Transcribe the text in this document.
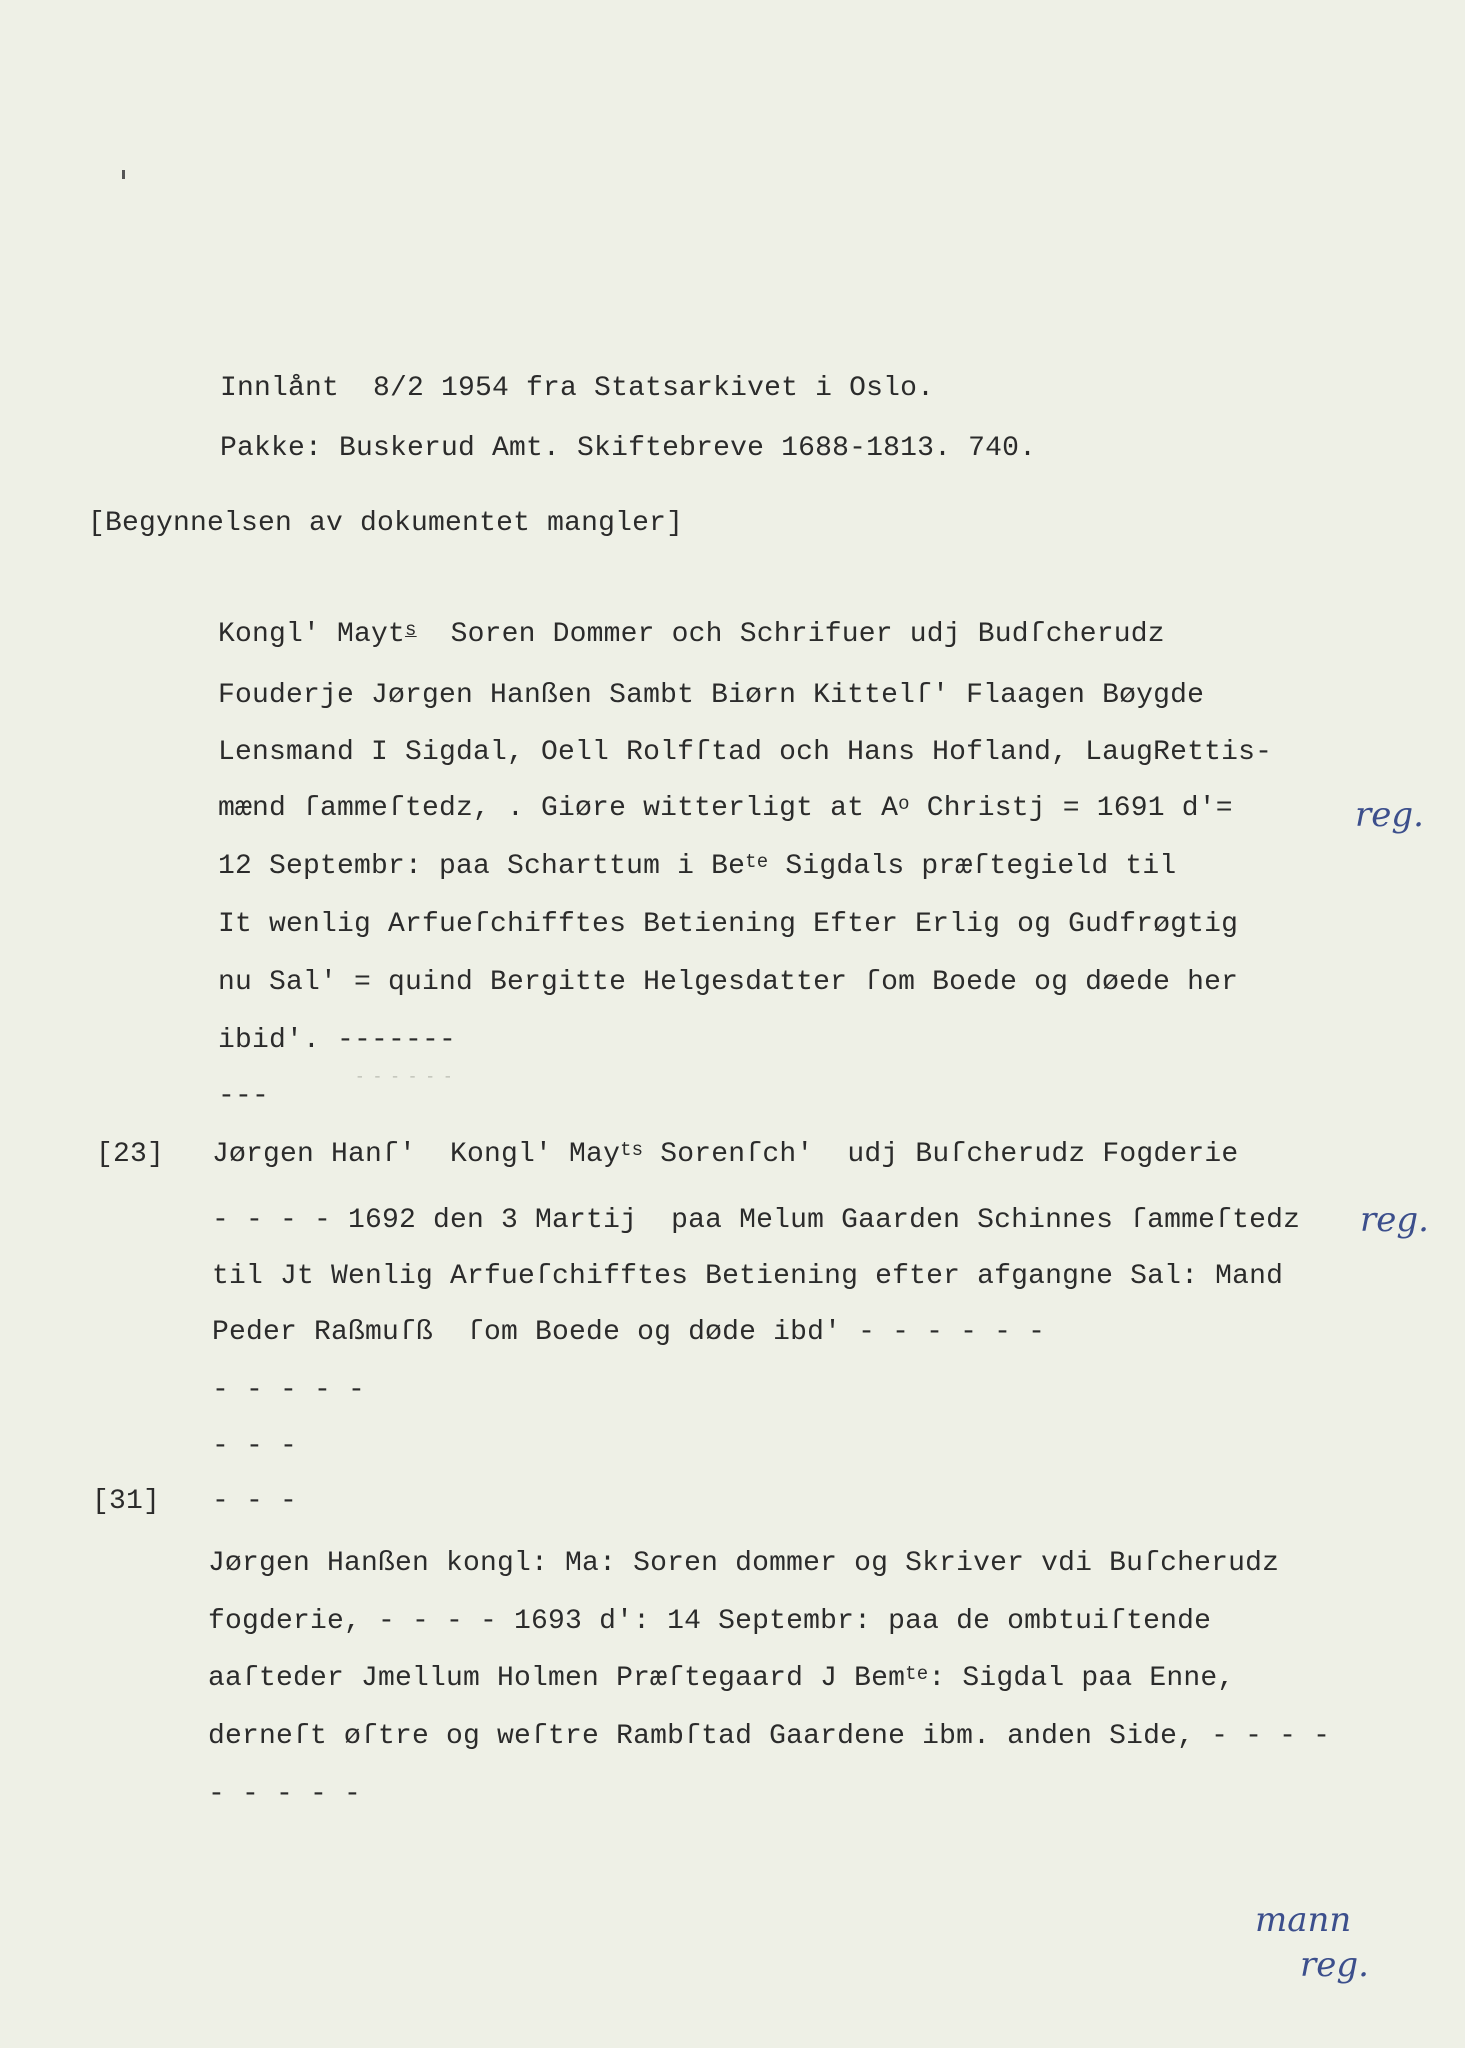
Innlånt  8/2 1954 fra Statsarkivet i Oslo.
Pakke: Buskerud Amt. Skiftebreve 1688-1813. 740.
[Begynnelsen av dokumentet mangler]
Kongl' Mayt$^s$  Soren Dommer och Schrifuer udj Budſcherudz
Fouderje Jørgen Hanßen Sambt Biørn Kittelſ' Flaagen Bøygde
Lensmand I Sigdal, Oell Rolfſtad och Hans Hofland, LaugRettis-
mænd ſammeſtedz, . Giøre witterligt at $A^o$ Christj = 1691 d'=
12 Septembr: paa Scharttum i $Be^{te}$ Sigdals præſtegield til
It wenlig Arfueſchifftes Betiening Efter Erlig og Gudfrøgtig
nu Sal' = quind Bergitte Helgesdatter ſom Boede og døede her
ibid'. -------
------
---
reg.
reg.
[23] Jørgen Hanſ'  Kongl' May$^{ts}$ Sorenſch'  udj Buſcherudz Fogderie
- - - - 1692 den 3 Martij  paa Melum Gaarden Schinnes ſammeſtedz
til Jt Wenlig Arfueſchifftes Betiening efter afgangne Sal: Mand
Peder Raßmuſß  ſom Boede og døde ibd' - - - - - -
- - - - -
- - -
[31] - - -
Jørgen Hanßen kongl: Ma: Soren dommer og Skriver vdi Buſcherudz
fogderie, - - - - 1693 d': 14 Septembr: paa de ombtuiſtende
aaſteder Jmellum Holmen Præſtegaard J Bem$^{te}$: Sigdal paa Enne,
derneſt øſtre og weſtre Rambſtad Gaardene ibm. anden Side, - - - -
- - - - -
mann
reg.
